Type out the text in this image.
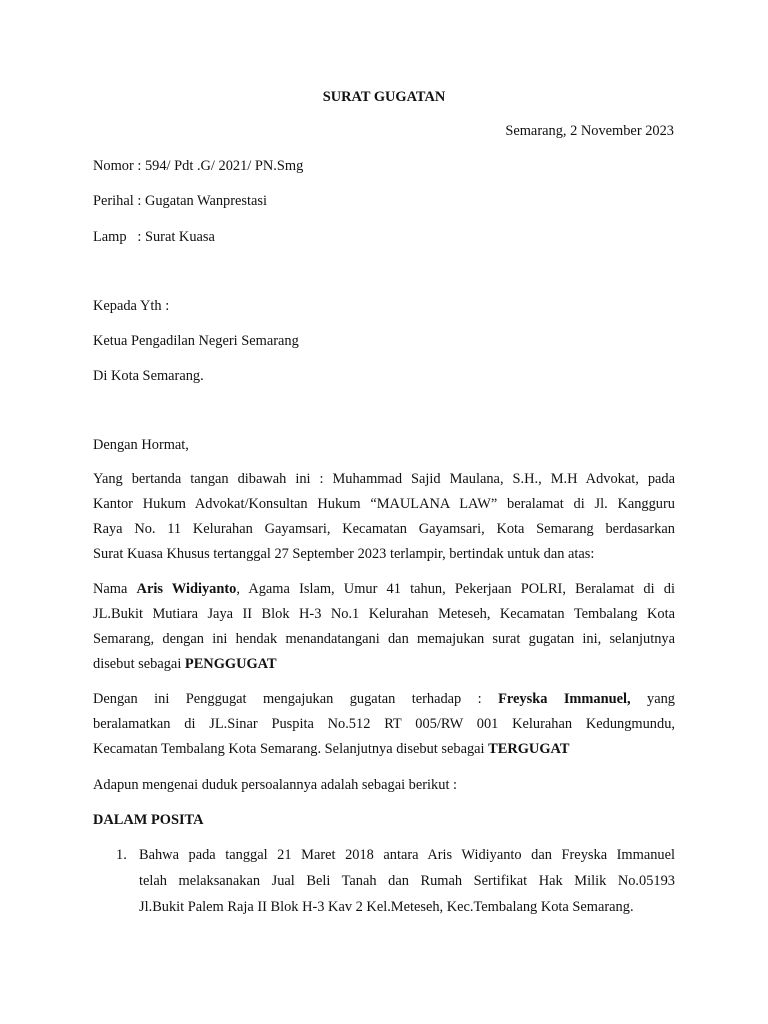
SURAT GUGATAN

Semarang, 2 November 2023

Nomor : 594/ Pdt .G/ 2021/ PN.Smg

Perihal : Gugatan Wanprestasi

Lamp   : Surat Kuasa

Kepada Yth :

Ketua Pengadilan Negeri Semarang

Di Kota Semarang.

Dengan Hormat,

Yang bertanda tangan dibawah ini : Muhammad Sajid Maulana, S.H., M.H Advokat, pada

Kantor Hukum Advokat/Konsultan Hukum “MAULANA LAW” beralamat di Jl. Kangguru

Raya No. 11 Kelurahan Gayamsari, Kecamatan Gayamsari, Kota Semarang berdasarkan

Surat Kuasa Khusus tertanggal 27 September 2023 terlampir, bertindak untuk dan atas:

Nama Aris Widiyanto, Agama Islam, Umur 41 tahun, Pekerjaan POLRI, Beralamat di di

JL.Bukit Mutiara Jaya II Blok H-3 No.1 Kelurahan Meteseh, Kecamatan Tembalang Kota

Semarang, dengan ini hendak menandatangani dan memajukan surat gugatan ini, selanjutnya

disebut sebagai PENGGUGAT

Dengan ini Penggugat mengajukan gugatan terhadap : Freyska Immanuel, yang

beralamatkan di JL.Sinar Puspita No.512 RT 005/RW 001 Kelurahan Kedungmundu,

Kecamatan Tembalang Kota Semarang. Selanjutnya disebut sebagai TERGUGAT

Adapun mengenai duduk persoalannya adalah sebagai berikut :

DALAM POSITA

1. Bahwa pada tanggal 21 Maret 2018 antara Aris Widiyanto dan Freyska Immanuel

telah melaksanakan Jual Beli Tanah dan Rumah Sertifikat Hak Milik No.05193

Jl.Bukit Palem Raja II Blok H-3 Kav 2 Kel.Meteseh, Kec.Tembalang Kota Semarang.
